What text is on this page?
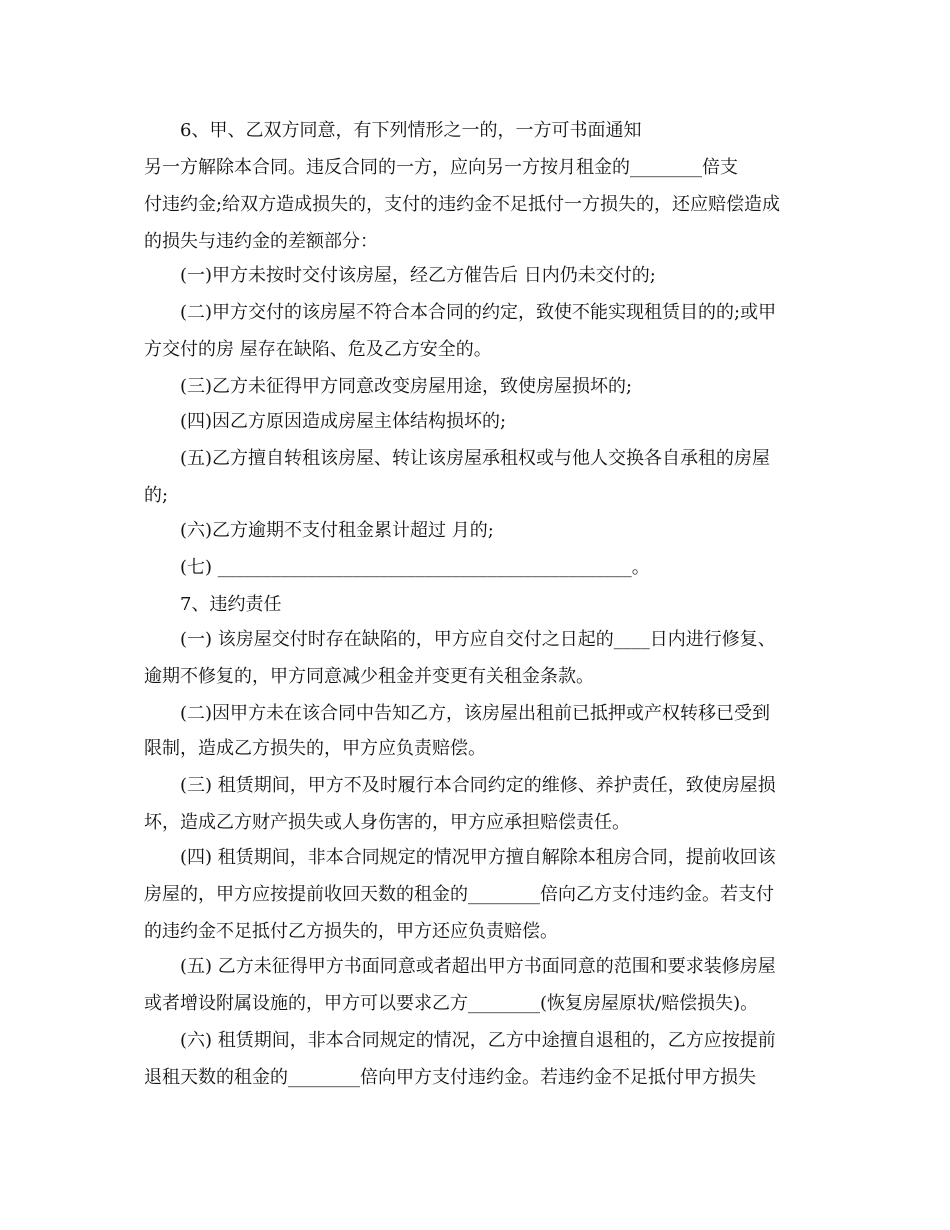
6、甲、乙双方同意，有下列情形之一的，一方可书面通知
另一方解除本合同。违反合同的一方，应向另一方按月租金的________倍支
付违约金;给双方造成损失的，支付的违约金不足抵付一方损失的，还应赔偿造成
的损失与违约金的差额部分：
(一)甲方未按时交付该房屋，经乙方催告后 日内仍未交付的;
(二)甲方交付的该房屋不符合本合同的约定，致使不能实现租赁目的的;或甲
方交付的房 屋存在缺陷、危及乙方安全的。
(三)乙方未征得甲方同意改变房屋用途，致使房屋损坏的;
(四)因乙方原因造成房屋主体结构损坏的;
(五)乙方擅自转租该房屋、转让该房屋承租权或与他人交换各自承租的房屋
的;
(六)乙方逾期不支付租金累计超过 月的;
(七) ______________________________________________。
7、违约责任
(一) 该房屋交付时存在缺陷的，甲方应自交付之日起的____日内进行修复、
逾期不修复的，甲方同意减少租金并变更有关租金条款。
(二)因甲方未在该合同中告知乙方，该房屋出租前已抵押或产权转移已受到
限制，造成乙方损失的，甲方应负责赔偿。
(三) 租赁期间，甲方不及时履行本合同约定的维修、养护责任，致使房屋损
坏，造成乙方财产损失或人身伤害的，甲方应承担赔偿责任。
(四) 租赁期间，非本合同规定的情况甲方擅自解除本租房合同，提前收回该
房屋的，甲方应按提前收回天数的租金的________倍向乙方支付违约金。若支付
的违约金不足抵付乙方损失的，甲方还应负责赔偿。
(五) 乙方未征得甲方书面同意或者超出甲方书面同意的范围和要求装修房屋
或者增设附属设施的，甲方可以要求乙方________(恢复房屋原状/赔偿损失)。
(六) 租赁期间，非本合同规定的情况，乙方中途擅自退租的，乙方应按提前
退租天数的租金的________倍向甲方支付违约金。若违约金不足抵付甲方损失
